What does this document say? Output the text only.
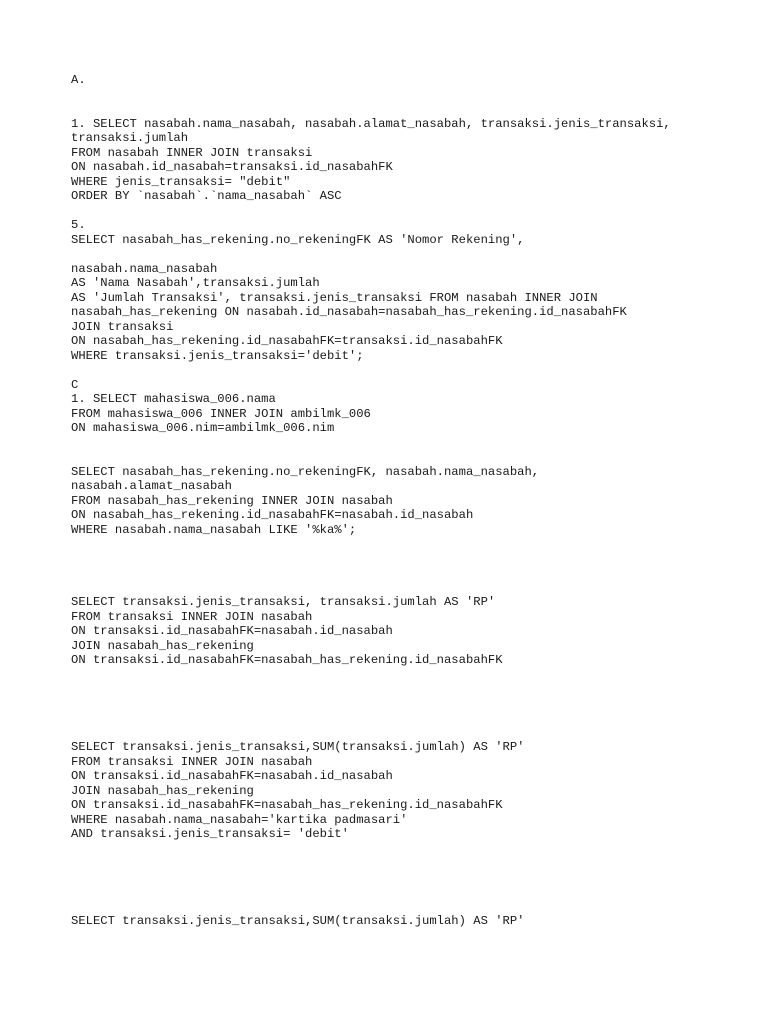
A.
1. SELECT nasabah.nama_nasabah, nasabah.alamat_nasabah, transaksi.jenis_transaksi,
transaksi.jumlah
FROM nasabah INNER JOIN transaksi
ON nasabah.id_nasabah=transaksi.id_nasabahFK
WHERE jenis_transaksi= "debit"
ORDER BY `nasabah`.`nama_nasabah` ASC
5.
SELECT nasabah_has_rekening.no_rekeningFK AS 'Nomor Rekening',
nasabah.nama_nasabah
AS 'Nama Nasabah',transaksi.jumlah
AS 'Jumlah Transaksi', transaksi.jenis_transaksi FROM nasabah INNER JOIN
nasabah_has_rekening ON nasabah.id_nasabah=nasabah_has_rekening.id_nasabahFK
JOIN transaksi
ON nasabah_has_rekening.id_nasabahFK=transaksi.id_nasabahFK
WHERE transaksi.jenis_transaksi='debit';
C
1. SELECT mahasiswa_006.nama
FROM mahasiswa_006 INNER JOIN ambilmk_006
ON mahasiswa_006.nim=ambilmk_006.nim
SELECT nasabah_has_rekening.no_rekeningFK, nasabah.nama_nasabah,
nasabah.alamat_nasabah
FROM nasabah_has_rekening INNER JOIN nasabah
ON nasabah_has_rekening.id_nasabahFK=nasabah.id_nasabah
WHERE nasabah.nama_nasabah LIKE '%ka%';
SELECT transaksi.jenis_transaksi, transaksi.jumlah AS 'RP'
FROM transaksi INNER JOIN nasabah
ON transaksi.id_nasabahFK=nasabah.id_nasabah
JOIN nasabah_has_rekening
ON transaksi.id_nasabahFK=nasabah_has_rekening.id_nasabahFK
SELECT transaksi.jenis_transaksi,SUM(transaksi.jumlah) AS 'RP'
FROM transaksi INNER JOIN nasabah
ON transaksi.id_nasabahFK=nasabah.id_nasabah
JOIN nasabah_has_rekening
ON transaksi.id_nasabahFK=nasabah_has_rekening.id_nasabahFK
WHERE nasabah.nama_nasabah='kartika padmasari'
AND transaksi.jenis_transaksi= 'debit'
SELECT transaksi.jenis_transaksi,SUM(transaksi.jumlah) AS 'RP'
